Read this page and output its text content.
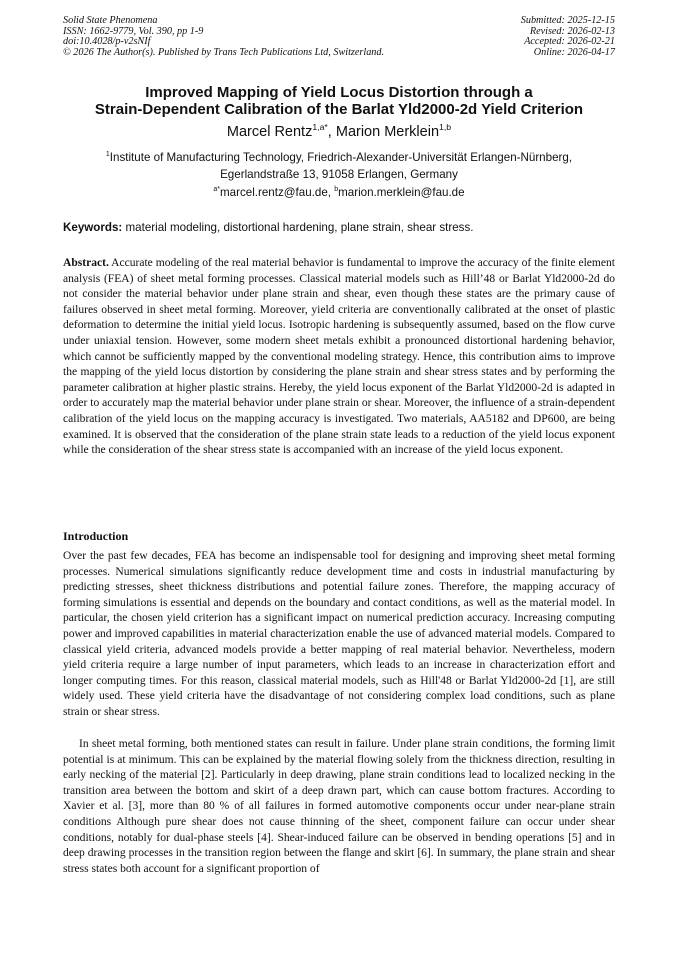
Solid State Phenomena
ISSN: 1662-9779, Vol. 390, pp 1-9
doi:10.4028/p-v2sNIf
© 2026 The Author(s). Published by Trans Tech Publications Ltd, Switzerland.
Submitted: 2025-12-15
Revised: 2026-02-13
Accepted: 2026-02-21
Online: 2026-04-17
Improved Mapping of Yield Locus Distortion through a
Strain-Dependent Calibration of the Barlat Yld2000-2d Yield Criterion
Marcel Rentz$^{1,a*}$, Marion Merklein$^{1,b}$
$^1$Institute of Manufacturing Technology, Friedrich-Alexander-Universität Erlangen-Nürnberg,
Egerlandstraße 13, 91058 Erlangen, Germany
$^{a*}$marcel.rentz@fau.de, $^b$marion.merklein@fau.de
Keywords: material modeling, distortional hardening, plane strain, shear stress.
Abstract. Accurate modeling of the real material behavior is fundamental to improve the accuracy of the finite element analysis (FEA) of sheet metal forming processes. Classical material models such as Hill’48 or Barlat Yld2000-2d do not consider the material behavior under plane strain and shear, even though these states are the primary cause of failures observed in sheet metal forming. Moreover, yield criteria are conventionally calibrated at the onset of plastic deformation to determine the initial yield locus. Isotropic hardening is subsequently assumed, based on the flow curve under uniaxial tension. However, some modern sheet metals exhibit a pronounced distortional hardening behavior, which cannot be sufficiently mapped by the conventional modeling strategy. Hence, this contribution aims to improve the mapping of the yield locus distortion by considering the plane strain and shear stress states and by performing the parameter calibration at higher plastic strains. Hereby, the yield locus exponent of the Barlat Yld2000-2d is adapted in order to accurately map the material behavior under plane strain or shear. Moreover, the influence of a strain-dependent calibration of the yield locus on the mapping accuracy is investigated. Two materials, AA5182 and DP600, are being examined. It is observed that the consideration of the plane strain state leads to a reduction of the yield locus exponent while the consideration of the shear stress state is accompanied with an increase of the yield locus exponent.
Introduction
Over the past few decades, FEA has become an indispensable tool for designing and improving sheet metal forming processes. Numerical simulations significantly reduce development time and costs in industrial manufacturing by predicting stresses, sheet thickness distributions and potential failure zones. Therefore, the mapping accuracy of forming simulations is essential and depends on the boundary and contact conditions, as well as the material model. In particular, the chosen yield criterion has a significant impact on numerical prediction accuracy. Increasing computing power and improved capabilities in material characterization enable the use of advanced material models. Compared to classical yield criteria, advanced models provide a better mapping of real material behavior. Nevertheless, modern yield criteria require a large number of input parameters, which leads to an increase in characterization effort and longer computing times. For this reason, classical material models, such as Hill'48 or Barlat Yld2000-2d [1], are still widely used. These yield criteria have the disadvantage of not considering complex load conditions, such as plane strain or shear stress.
In sheet metal forming, both mentioned states can result in failure. Under plane strain conditions, the forming limit potential is at minimum. This can be explained by the material flowing solely from the thickness direction, resulting in early necking of the material [2]. Particularly in deep drawing, plane strain conditions lead to localized necking in the transition area between the bottom and skirt of a deep drawn part, which can cause bottom fractures. According to Xavier et al. [3], more than 80 % of all failures in formed automotive components occur under near-plane strain conditions Although pure shear does not cause thinning of the sheet, component failure can occur under shear conditions, notably for dual-phase steels [4]. Shear-induced failure can be observed in bending operations [5] and in deep drawing processes in the transition region between the flange and skirt [6]. In summary, the plane strain and shear stress states both account for a significant proportion of
